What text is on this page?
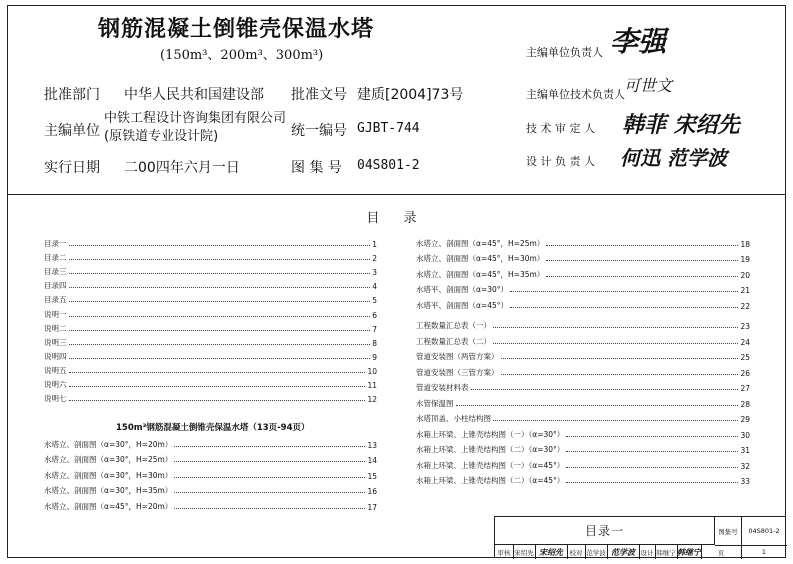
钢筋混凝土倒锥壳保温水塔
(150m³、200m³、300m³)
批准部门 中华人民共和国建设部 批准文号 建质[2004]73号
主编单位
中铁工程设计咨询集团有限公司
(原铁道专业设计院)	统一编号 GJBT-744
实行日期 二00四年六月一日	图 集 号 04S801-2
主编单位负责人 李强
主编单位技术负责人 可世文
技 术 审 定 人 韩菲 宋绍先
设 计 负 责 人 何迅 范学波
目 录
目录一	1
目录二	2
目录三	3
目录四	4
目录五	5
说明一	6
说明二	7
说明三	8
说明四	9
说明五	10
说明六	11
说明七	12
150m³钢筋混凝土倒锥壳保温水塔（13页-94页）
水塔立、剖面图（α=30°，H=20m）	13
水塔立、剖面图（α=30°，H=25m）	14
水塔立、剖面图（α=30°，H=30m）	15
水塔立、剖面图（α=30°，H=35m）	16
水塔立、剖面图（α=45°，H=20m）	17
水塔立、剖面图（α=45°，H=25m）	18
水塔立、剖面图（α=45°，H=30m）	19
水塔立、剖面图（α=45°，H=35m）	20
水塔平、剖面图（α=30°）	21
水塔平、剖面图（α=45°）	22
工程数量汇总表（一）	23
工程数量汇总表（二）	24
管道安装图（两管方案）	25
管道安装图（三管方案）	26
管道安装材料表	27
水管保温图	28
水塔顶盖、小柱结构图	29
水箱上环梁、上锥壳结构图（一）（α=30°）	30
水箱上环梁、上锥壳结构图（二）（α=30°）	31
水箱上环梁、上锥壳结构图（一）（α=45°）	32
水箱上环梁、上锥壳结构图（二）（α=45°）	33
目录一	图集号	04S801-2
审核 宋绍先 宋绍先	校对 范学波 范学波 设计 韩继宁 韩继宁	页	1
